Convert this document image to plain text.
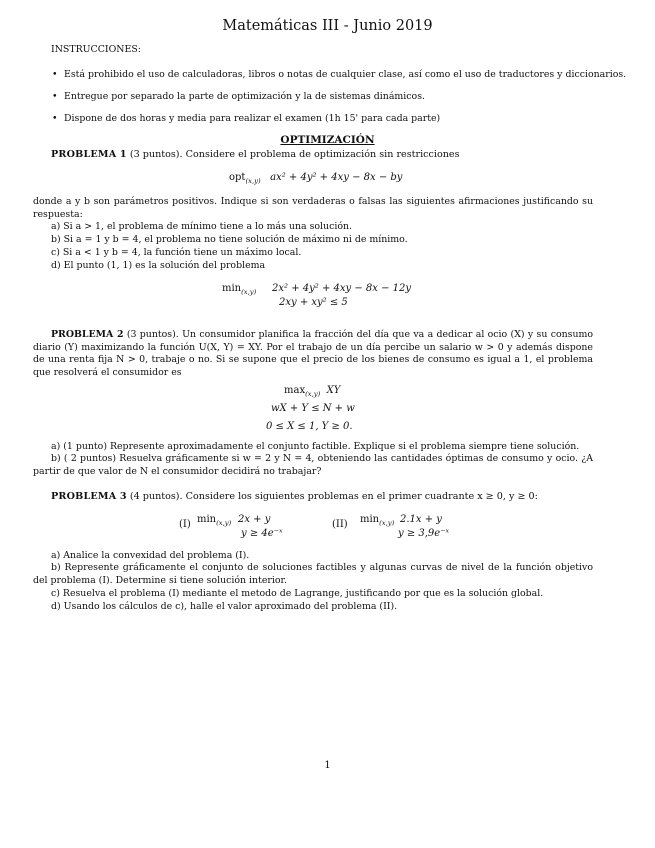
Matemáticas III - Junio 2019
INSTRUCCIONES:
• Está prohibido el uso de calculadoras, libros o notas de cualquier clase, así como el uso de traductores y diccionarios.
• Entregue por separado la parte de optimización y la de sistemas dinámicos.
• Dispone de dos horas y media para realizar el examen (1h 15' para cada parte)
OPTIMIZACIÓN
PROBLEMA 1 (3 puntos). Considere el problema de optimización sin restricciones
opt$_{(x,y)}$ ax² + 4y² + 4xy − 8x − by
donde a y b son parámetros positivos. Indique si son verdaderas o falsas las siguientes afirmaciones justificando su respuesta:
a) Si a > 1, el problema de mínimo tiene a lo más una solución.
b) Si a = 1 y b = 4, el problema no tiene solución de máximo ni de mínimo.
c) Si a < 1 y b = 4, la función tiene un máximo local.
d) El punto (1, 1) es la solución del problema
$\min_{(x,y)} 2x^2 + 4y^2 + 4xy - 8x - 12y$
2xy + xy² ≤ 5
PROBLEMA 2 (3 puntos). Un consumidor planifica la fracción del día que va a dedicar al ocio (X) y su consumo diario (Y) maximizando la función U(X, Y) = XY. Por el trabajo de un día percibe un salario w > 0 y además dispone de una renta fija N > 0, trabaje o no. Si se supone que el precio de los bienes de consumo es igual a 1, el problema que resolverá el consumidor es
$\max_{(x,y)}$ XY
wX + Y ≤ N + w
0 ≤ X ≤ 1, Y ≥ 0.
a) (1 punto) Represente aproximadamente el conjunto factible. Explique si el problema siempre tiene solución.
b) ( 2 puntos) Resuelva gráficamente si w = 2 y N = 4, obteniendo las cantidades óptimas de consumo y ocio. ¿A partir de que valor de N el consumidor decidirá no trabajar?
PROBLEMA 3 (4 puntos). Considere los siguientes problemas en el primer cuadrante x ≥ 0, y ≥ 0:
(I) $\min_{(x,y)} 2x + y$
y ≥ 4e⁻ˣ
(II) $\min_{(x,y)} 2.1x + y$
y ≥ 3,9e⁻ˣ
a) Analice la convexidad del problema (I).
b) Represente gráficamente el conjunto de soluciones factibles y algunas curvas de nivel de la función objetivo del problema (I). Determine si tiene solución interior.
c) Resuelva el problema (I) mediante el metodo de Lagrange, justificando por que es la solución global.
d) Usando los cálculos de c), halle el valor aproximado del problema (II).
1
